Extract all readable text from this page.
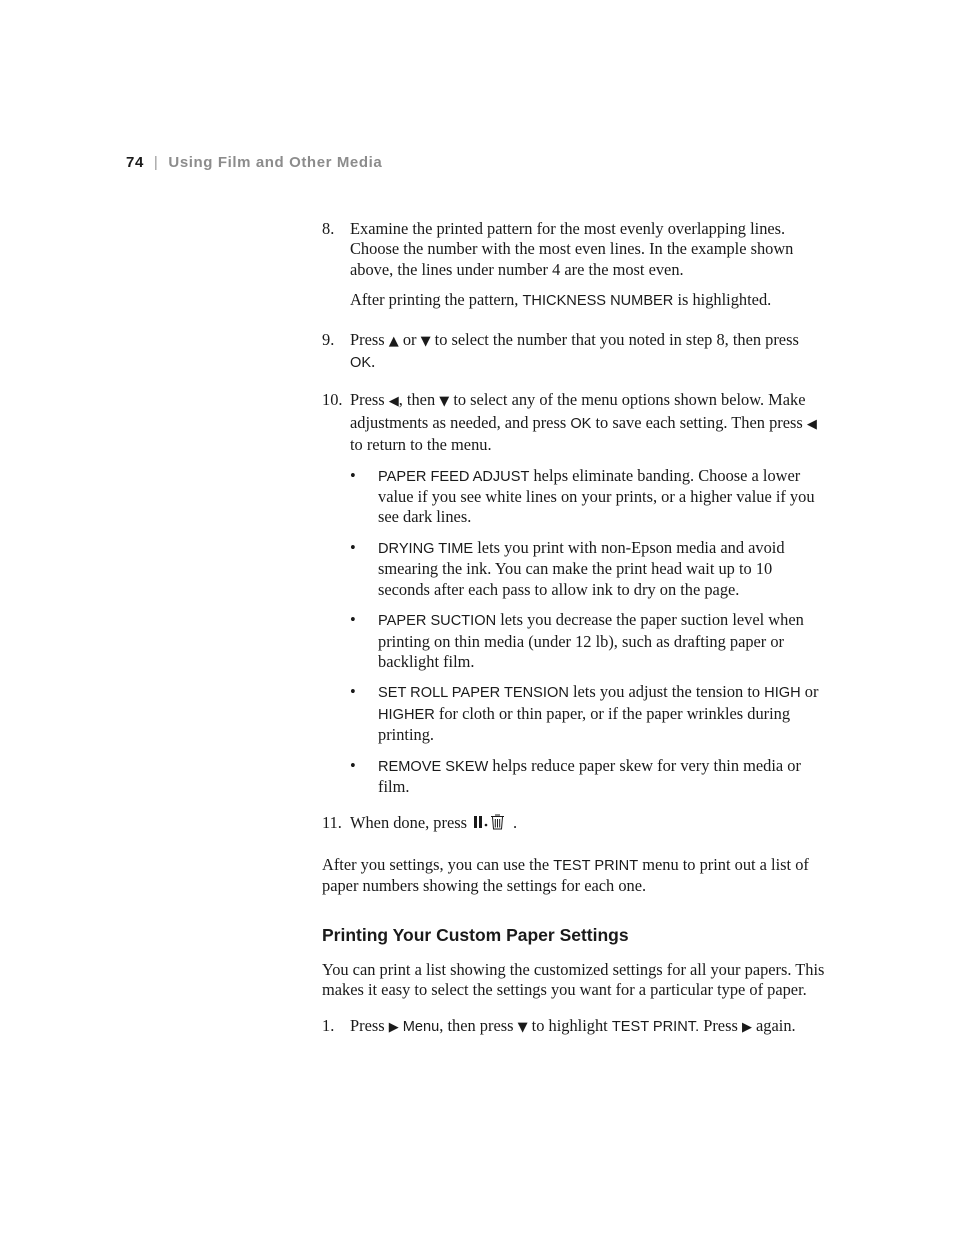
74 | Using Film and Other Media
8. Examine the printed pattern for the most evenly overlapping lines. Choose the number with the most even lines. In the example shown above, the lines under number 4 are the most even.

After printing the pattern, THICKNESS NUMBER is highlighted.

9. Press ▲ or ▼ to select the number that you noted in step 8, then press OK.

10. Press ◀, then ▼ to select any of the menu options shown below. Make adjustments as needed, and press OK to save each setting. Then press ◀ to return to the menu.

• PAPER FEED ADJUST helps eliminate banding. Choose a lower value if you see white lines on your prints, or a higher value if you see dark lines.
• DRYING TIME lets you print with non-Epson media and avoid smearing the ink. You can make the print head wait up to 10 seconds after each pass to allow ink to dry on the page.
• PAPER SUCTION lets you decrease the paper suction level when printing on thin media (under 12 lb), such as drafting paper or backlight film.
• SET ROLL PAPER TENSION lets you adjust the tension to HIGH or HIGHER for cloth or thin paper, or if the paper wrinkles during printing.
• REMOVE SKEW helps reduce paper skew for very thin media or film.
11. When done, press	.

After you settings, you can use the TEST PRINT menu to print out a list of paper numbers showing the settings for each one.

Printing Your Custom Paper Settings

You can print a list showing the customized settings for all your papers. This makes it easy to select the settings you want for a particular type of paper.

1. Press ▶ Menu, then press ▼ to highlight TEST PRINT. Press ▶ again.
